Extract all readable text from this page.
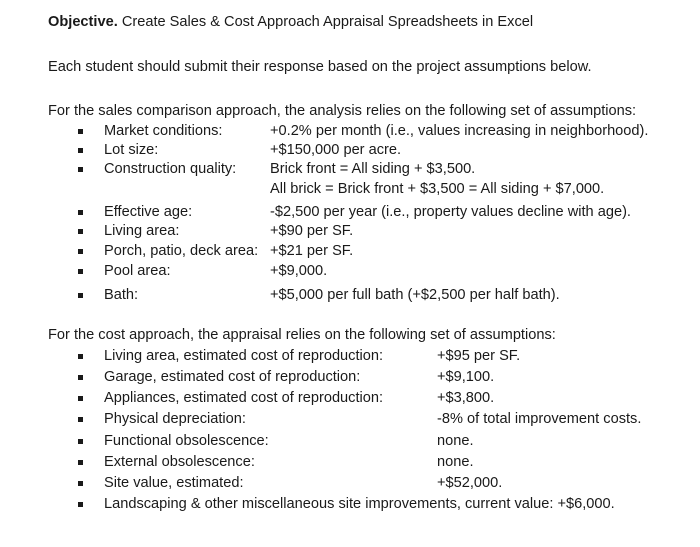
Objective. Create Sales & Cost Approach Appraisal Spreadsheets in Excel
Each student should submit their response based on the project assumptions below.
For the sales comparison approach, the analysis relies on the following set of assumptions:
Market conditions:	+0.2% per month (i.e., values increasing in neighborhood).
Lot size:	+$150,000 per acre.
Construction quality: Brick front = All siding + $3,500.
All brick = Brick front + $3,500 = All siding + $7,000.
Effective age:	-$2,500 per year (i.e., property values decline with age).
Living area:	+$90 per SF.
Porch, patio, deck area: +$21 per SF.
Pool area:	+$9,000.
Bath:	+$5,000 per full bath (+$2,500 per half bath).
For the cost approach, the appraisal relies on the following set of assumptions:
Living area, estimated cost of reproduction:	+$95 per SF.
Garage, estimated cost of reproduction:	+$9,100.
Appliances, estimated cost of reproduction:	+$3,800.
Physical depreciation:	-8% of total improvement costs.
Functional obsolescence:	none.
External obsolescence:	none.
Site value, estimated:	+$52,000.
Landscaping & other miscellaneous site improvements, current value: +$6,000.
